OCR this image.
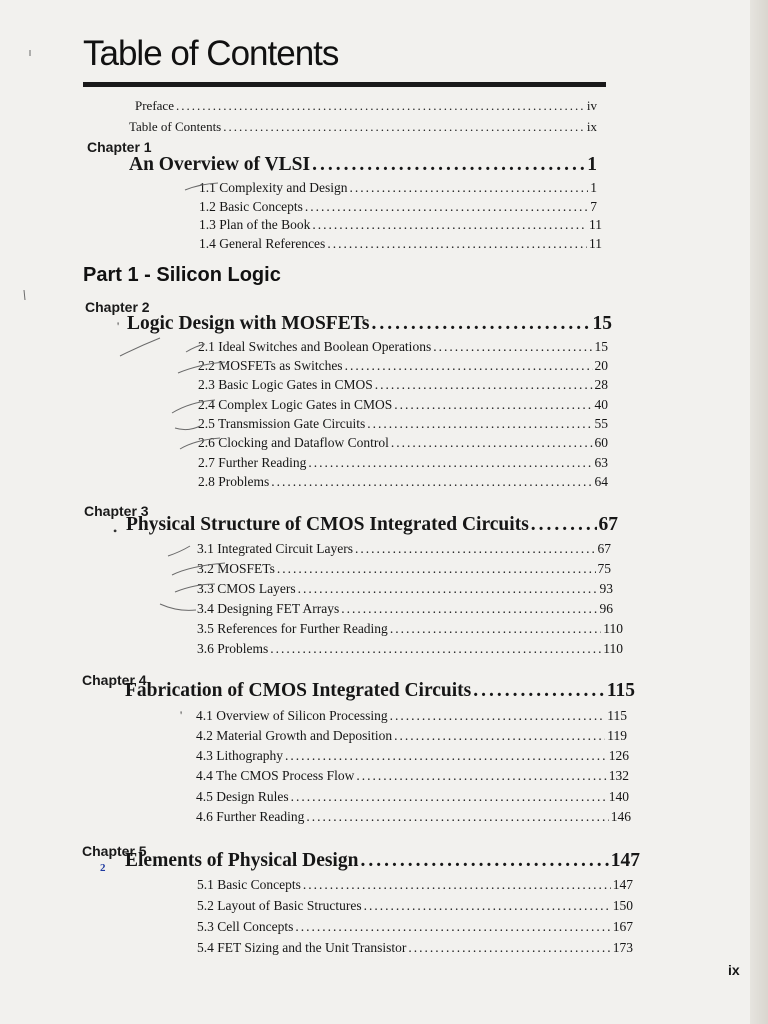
Table of Contents
Preface .....	iv
Table of Contents .....	ix
Chapter 1
An Overview of VLSI .....	1
1.1 Complexity and Design .....	1
1.2 Basic Concepts .....	7
1.3 Plan of the Book .....	11
1.4 General References .....	11
Part 1 - Silicon Logic
Chapter 2
' Logic Design with MOSFETs .....	15
2.1 Ideal Switches and Boolean Operations .....	15
2.2 MOSFETs as Switches .....	20
2.3 Basic Logic Gates in CMOS .....	28
2.4 Complex Logic Gates in CMOS .....	40
2.5 Transmission Gate Circuits .....	55
2.6 Clocking and Dataflow Control .....	60
2.7 Further Reading .....	63
2.8 Problems .....	64
Chapter 3
• Physical Structure of CMOS Integrated Circuits .....	67
3.1 Integrated Circuit Layers .....	67
3.2 MOSFETs .....	75
3.3 CMOS Layers .....	93
3.4 Designing FET Arrays .....	96
3.5 References for Further Reading .....	110
3.6 Problems .....	110
Chapter 4
Fabrication of CMOS Integrated Circuits .....	115
' 4.1 Overview of Silicon Processing .....	115
4.2 Material Growth and Deposition .....	119
4.3 Lithography .....	126
4.4 The CMOS Process Flow .....	132
4.5 Design Rules .....	140
4.6 Further Reading .....	146
Chapter 5
2 Elements of Physical Design .....	147
5.1 Basic Concepts .....	147
5.2 Layout of Basic Structures .....	150
5.3 Cell Concepts .....	167
5.4 FET Sizing and the Unit Transistor .....	173
ix
